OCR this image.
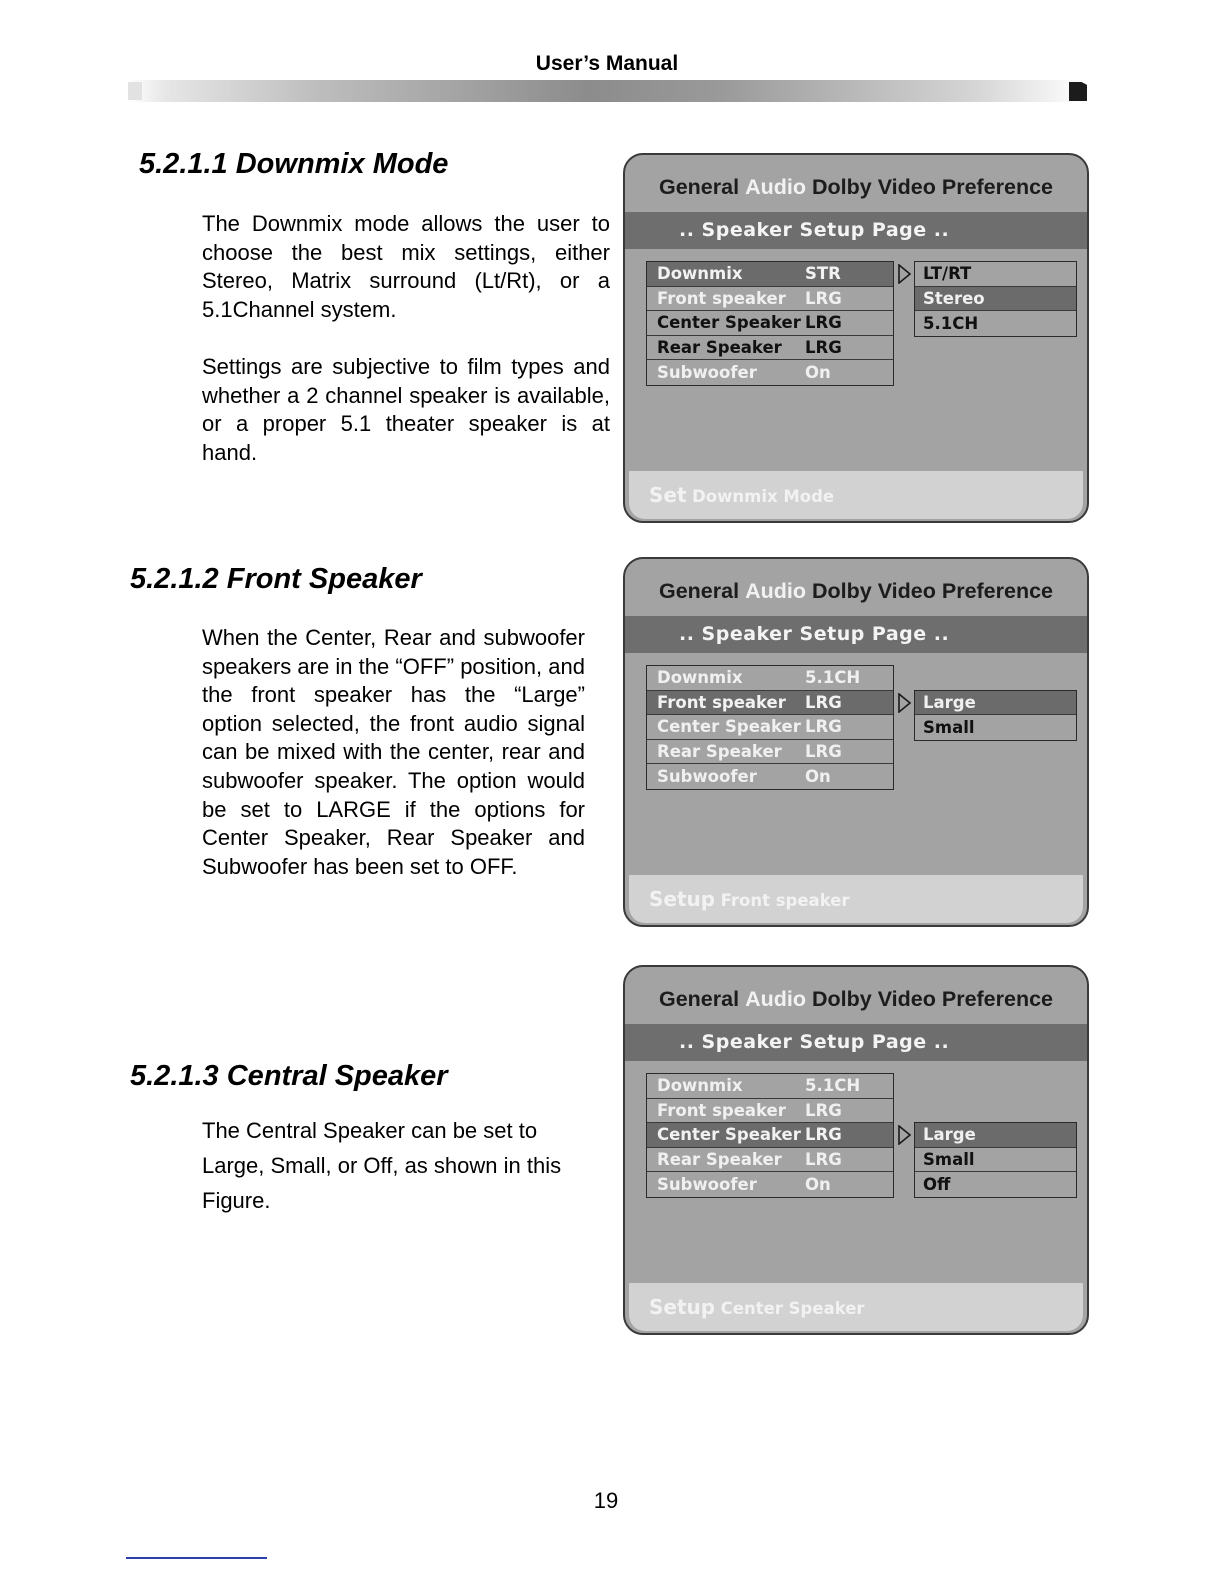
User’s Manual
5.2.1.1 Downmix Mode

The Downmix mode allows the user to choose the best mix settings, either Stereo, Matrix surround (Lt/Rt), or a 5.1Channel system.

Settings are subjective to film types and whether a 2 channel speaker is available, or a proper 5.1 theater speaker is at hand.

5.2.1.2 Front Speaker

When the Center, Rear and subwoofer speakers are in the “OFF” position, and the front speaker has the “Large” option selected, the front audio signal can be mixed with the center, rear and subwoofer speaker. The option would be set to LARGE if the options for Center Speaker, Rear Speaker and Subwoofer has been set to OFF.

5.2.1.3 Central Speaker

The Central Speaker can be set to Large, Small, or Off, as shown in this Figure.

General Audio Dolby Video Preference
.. Speaker Setup Page ..
Downmix	STR
Front speaker	LRG
Center Speaker LRG
Rear Speaker	LRG
Subwoofer	On
LT/RT
Stereo
5.1CH
Set Downmix Mode
General Audio Dolby Video Preference
.. Speaker Setup Page ..
Downmix	5.1CH
Front speaker	LRG
Center Speaker LRG
Rear Speaker	LRG
Subwoofer	On
Large
Small
Setup Front speaker
General Audio Dolby Video Preference
.. Speaker Setup Page ..
Downmix	5.1CH
Front speaker	LRG
Center Speaker LRG
Rear Speaker	LRG
Subwoofer	On
Large
Small
Off
Setup Center Speaker
19
